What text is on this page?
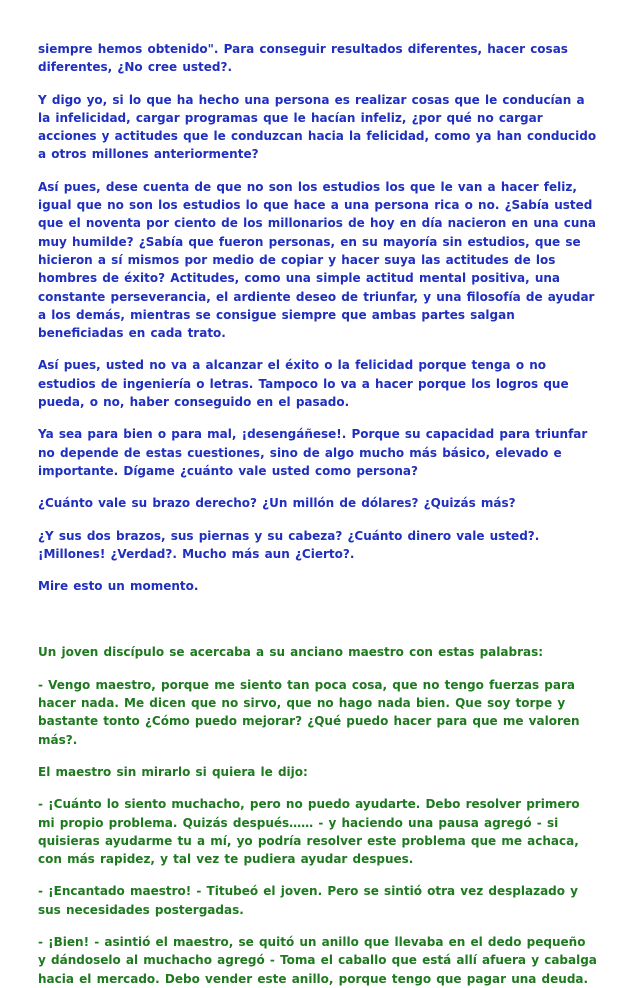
siempre hemos obtenido". Para conseguir resultados diferentes, hacer cosas diferentes, ¿No cree usted?.

Y digo yo, si lo que ha hecho una persona es realizar cosas que le conducían a la infelicidad, cargar programas que le hacían infeliz, ¿por qué no cargar acciones y actitudes que le conduzcan hacia la felicidad, como ya han conducido a otros millones anteriormente?

Así pues, dese cuenta de que no son los estudios los que le van a hacer feliz, igual que no son los estudios lo que hace a una persona rica o no. ¿Sabía usted que el noventa por ciento de los millonarios de hoy en día nacieron en una cuna muy humilde? ¿Sabía que fueron personas, en su mayoría sin estudios, que se hicieron a sí mismos por medio de copiar y hacer suya las actitudes de los hombres de éxito? Actitudes, como una simple actitud mental positiva, una constante perseverancia, el ardiente deseo de triunfar, y una filosofía de ayudar a los demás, mientras se consigue siempre que ambas partes salgan beneficiadas en cada trato.

Así pues, usted no va a alcanzar el éxito o la felicidad porque tenga o no estudios de ingeniería o letras. Tampoco lo va a hacer porque los logros que pueda, o no, haber conseguido en el pasado.

Ya sea para bien o para mal, ¡desengáñese!. Porque su capacidad para triunfar no depende de estas cuestiones, sino de algo mucho más básico, elevado e importante. Dígame ¿cuánto vale usted como persona?

¿Cuánto vale su brazo derecho? ¿Un millón de dólares? ¿Quizás más?

¿Y sus dos brazos, sus piernas y su cabeza? ¿Cuánto dinero vale usted?. ¡Millones! ¿Verdad?. Mucho más aun ¿Cierto?.

Mire esto un momento.

Un joven discípulo se acercaba a su anciano maestro con estas palabras:

- Vengo maestro, porque me siento tan poca cosa, que no tengo fuerzas para hacer nada. Me dicen que no sirvo, que no hago nada bien. Que soy torpe y bastante tonto ¿Cómo puedo mejorar? ¿Qué puedo hacer para que me valoren más?.

El maestro sin mirarlo si quiera le dijo:

- ¡Cuánto lo siento muchacho, pero no puedo ayudarte. Debo resolver primero mi propio problema. Quizás después…… - y haciendo una pausa agregó - si quisieras ayudarme tu a mí, yo podría resolver este problema que me achaca, con más rapidez, y tal vez te pudiera ayudar despues.

- ¡Encantado maestro! - Titubeó el joven. Pero se sintió otra vez desplazado y sus necesidades postergadas.

- ¡Bien! - asintió el maestro, se quitó un anillo que llevaba en el dedo pequeño y dándoselo al muchacho agregó - Toma el caballo que está allí afuera y cabalga hacia el mercado. Debo vender este anillo, porque tengo que pagar una deuda.
